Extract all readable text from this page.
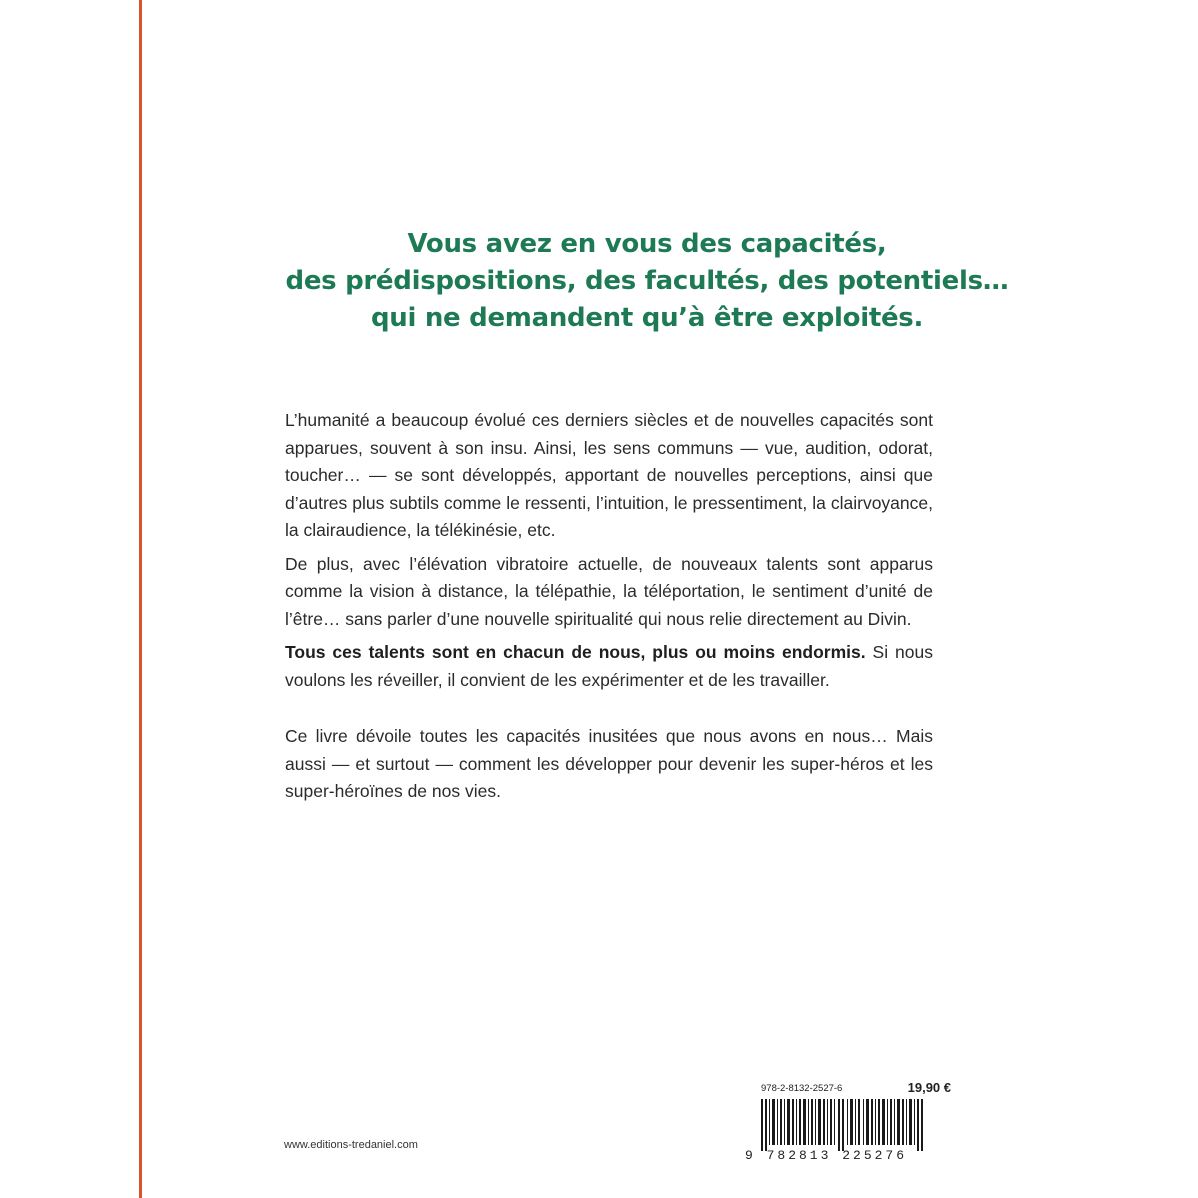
Vous avez en vous des capacités,
des prédispositions, des facultés, des potentiels…
qui ne demandent qu’à être exploités.

L’humanité a beaucoup évolué ces derniers siècles et de nouvelles capacités sont apparues, souvent à son insu. Ainsi, les sens communs — vue, audition, odorat, toucher… — se sont développés, apportant de nouvelles perceptions, ainsi que d’autres plus subtils comme le ressenti, l’intuition, le pressentiment, la clairvoyance, la clairaudience, la télékinésie, etc.

De plus, avec l’élévation vibratoire actuelle, de nouveaux talents sont apparus comme la vision à distance, la télépathie, la téléportation, le sentiment d’unité de l’être… sans parler d’une nouvelle spiritualité qui nous relie directement au Divin.

Tous ces talents sont en chacun de nous, plus ou moins endormis. Si nous voulons les réveiller, il convient de les expérimenter et de les travailler.

Ce livre dévoile toutes les capacités inusitées que nous avons en nous… Mais aussi — et surtout — comment les développer pour devenir les super-héros et les super-héroïnes de nos vies.

www.editions-tredaniel.com
978-2-8132-2527-6	19,90 €
9 782813 225276
